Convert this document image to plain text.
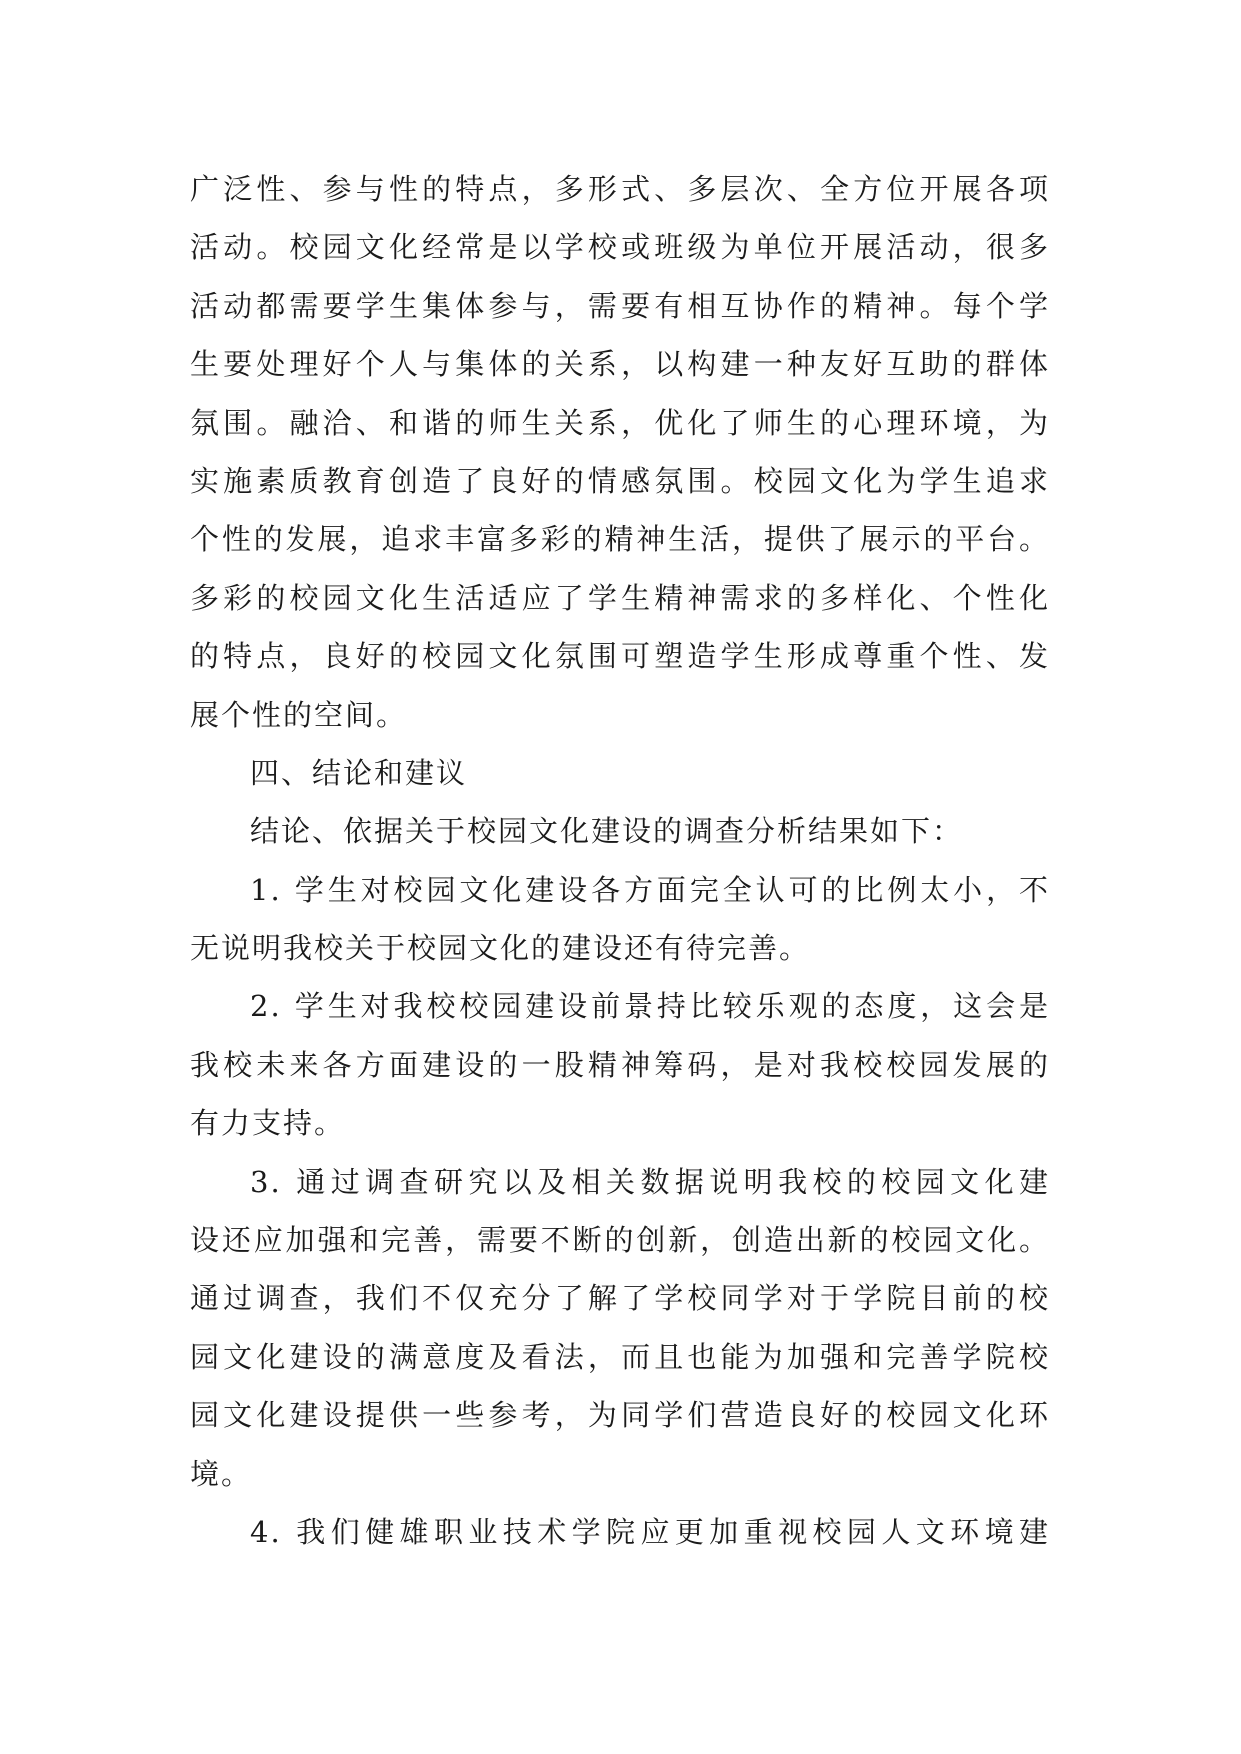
广泛性、参与性的特点，多形式、多层次、全方位开展各项
活动。校园文化经常是以学校或班级为单位开展活动，很多
活动都需要学生集体参与，需要有相互协作的精神。每个学
生要处理好个人与集体的关系，以构建一种友好互助的群体
氛围。融洽、和谐的师生关系，优化了师生的心理环境，为
实施素质教育创造了良好的情感氛围。校园文化为学生追求
个性的发展，追求丰富多彩的精神生活，提供了展示的平台。
多彩的校园文化生活适应了学生精神需求的多样化、个性化
的特点，良好的校园文化氛围可塑造学生形成尊重个性、发
展个性的空间。
四、结论和建议
结论、依据关于校园文化建设的调查分析结果如下：
1. 学生对校园文化建设各方面完全认可的比例太小，不
无说明我校关于校园文化的建设还有待完善。
2. 学生对我校校园建设前景持比较乐观的态度，这会是
我校未来各方面建设的一股精神筹码，是对我校校园发展的
有力支持。
3. 通过调查研究以及相关数据说明我校的校园文化建
设还应加强和完善，需要不断的创新，创造出新的校园文化。
通过调查，我们不仅充分了解了学校同学对于学院目前的校
园文化建设的满意度及看法，而且也能为加强和完善学院校
园文化建设提供一些参考，为同学们营造良好的校园文化环
境。
4. 我们健雄职业技术学院应更加重视校园人文环境建
